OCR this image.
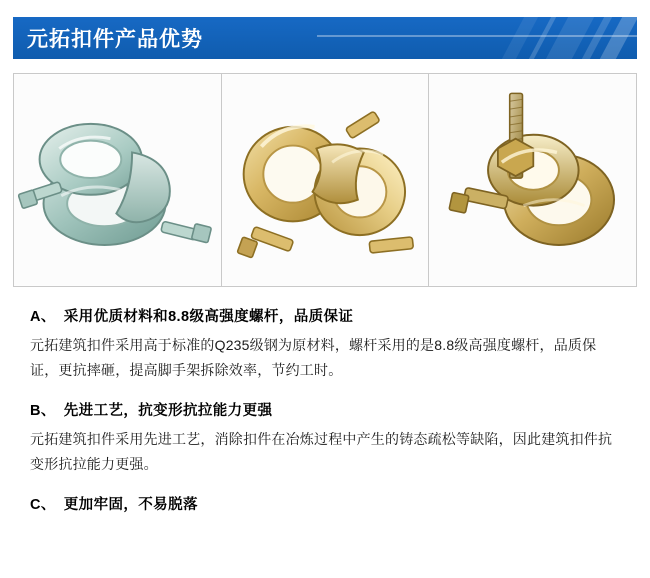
元拓扣件产品优势
A、 采用优质材料和8.8级高强度螺杆，品质保证
元拓建筑扣件采用高于标准的Q235级钢为原材料，螺杆采用的是8.8级高强度螺杆，品质保证，更抗摔砸，提高脚手架拆除效率，节约工时。
B、 先进工艺，抗变形抗拉能力更强
元拓建筑扣件采用先进工艺，消除扣件在冶炼过程中产生的铸态疏松等缺陷，因此建筑扣件抗变形抗拉能力更强。
C、 更加牢固，不易脱落
